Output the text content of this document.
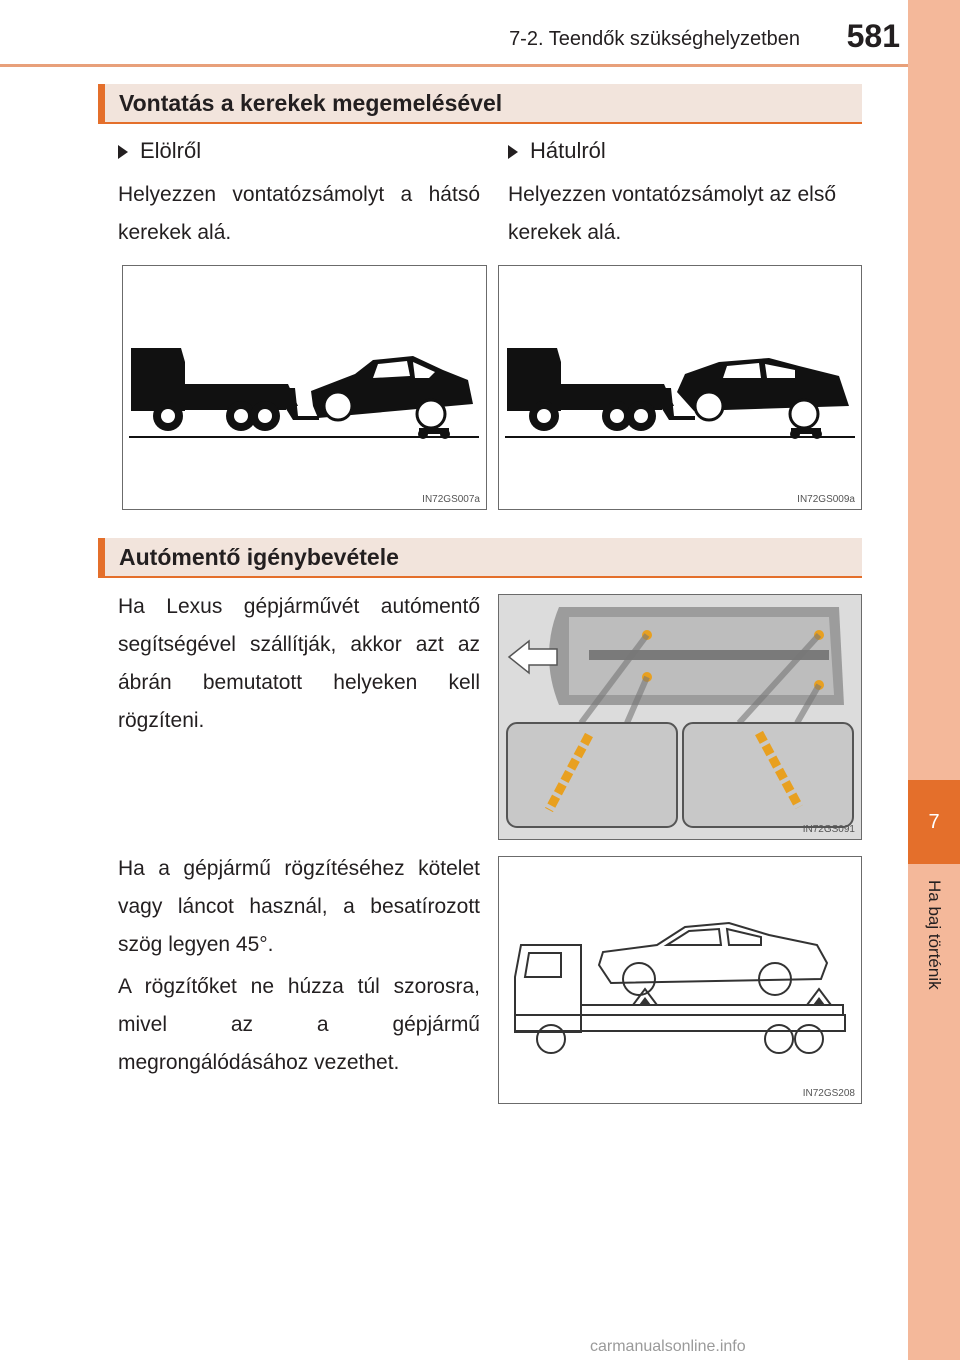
7-2. Teendők szükséghelyzetben	581
7
Ha baj történik
Vontatás a kerekek megemelésével
Elölről
Helyezzen vontatózsámolyt a hátsó kerekek alá.
Hátulról
Helyezzen vontatózsámolyt az első kerekek alá.
IN72GS007a	IN72GS009a
Autómentő igénybevétele
Ha Lexus gépjárművét autómentő segítségével szállítják, akkor azt az ábrán bemutatott helyeken kell rögzíteni.
IN72GS091
Ha a gépjármű rögzítéséhez kötelet vagy láncot használ, a besatírozott szög legyen 45°.
A rögzítőket ne húzza túl szorosra, mivel az a gépjármű megrongálódásához vezethet.
IN72GS208
carmanualsonline.info
